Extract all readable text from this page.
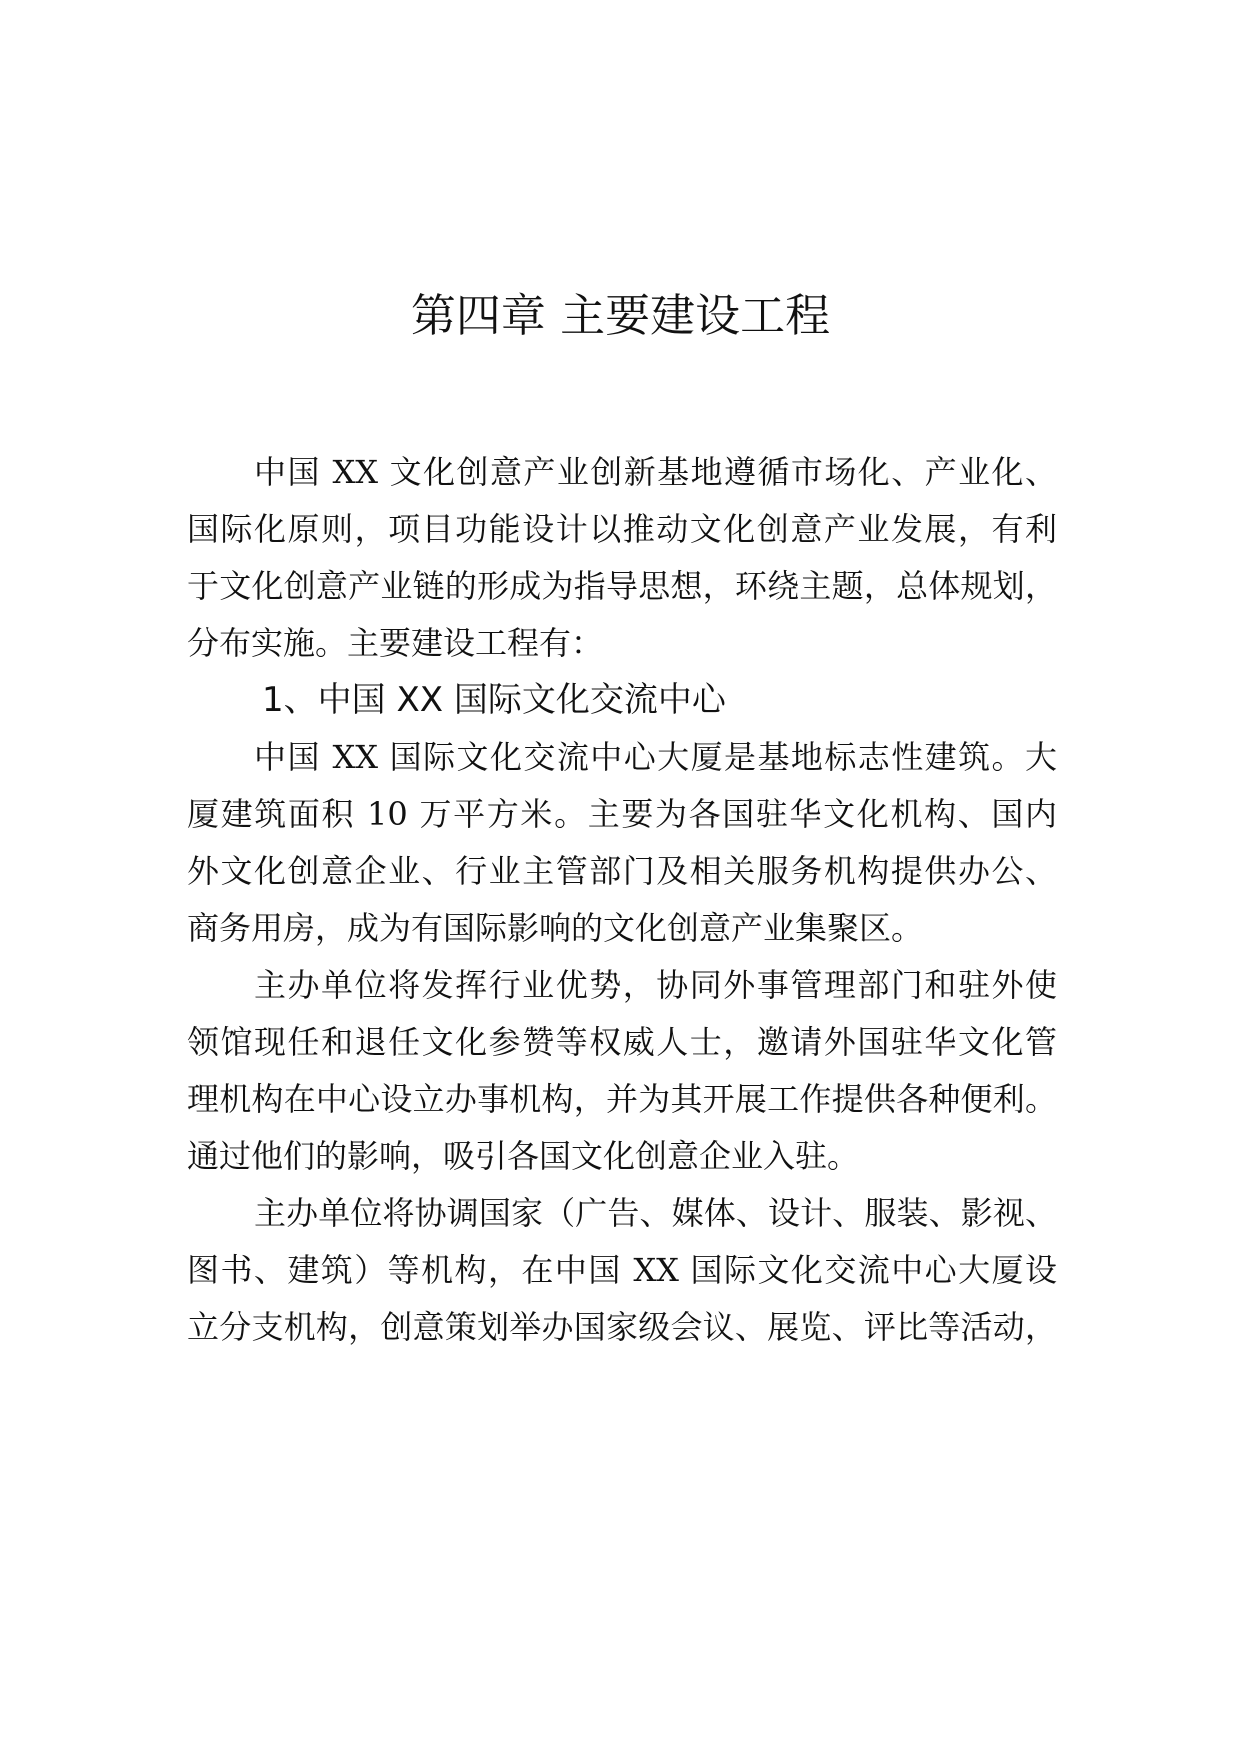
第四章 主要建设工程
中国 XX 文化创意产业创新基地遵循市场化、产业化、
国际化原则，项目功能设计以推动文化创意产业发展，有利
于文化创意产业链的形成为指导思想，环绕主题，总体规划，
分布实施。主要建设工程有：
1、中国 XX 国际文化交流中心
中国 XX 国际文化交流中心大厦是基地标志性建筑。大
厦建筑面积 10 万平方米。主要为各国驻华文化机构、国内
外文化创意企业、行业主管部门及相关服务机构提供办公、
商务用房，成为有国际影响的文化创意产业集聚区。
主办单位将发挥行业优势，协同外事管理部门和驻外使
领馆现任和退任文化参赞等权威人士，邀请外国驻华文化管
理机构在中心设立办事机构，并为其开展工作提供各种便利。
通过他们的影响，吸引各国文化创意企业入驻。
主办单位将协调国家（广告、媒体、设计、服装、影视、
图书、建筑）等机构，在中国 XX 国际文化交流中心大厦设
立分支机构，创意策划举办国家级会议、展览、评比等活动，
